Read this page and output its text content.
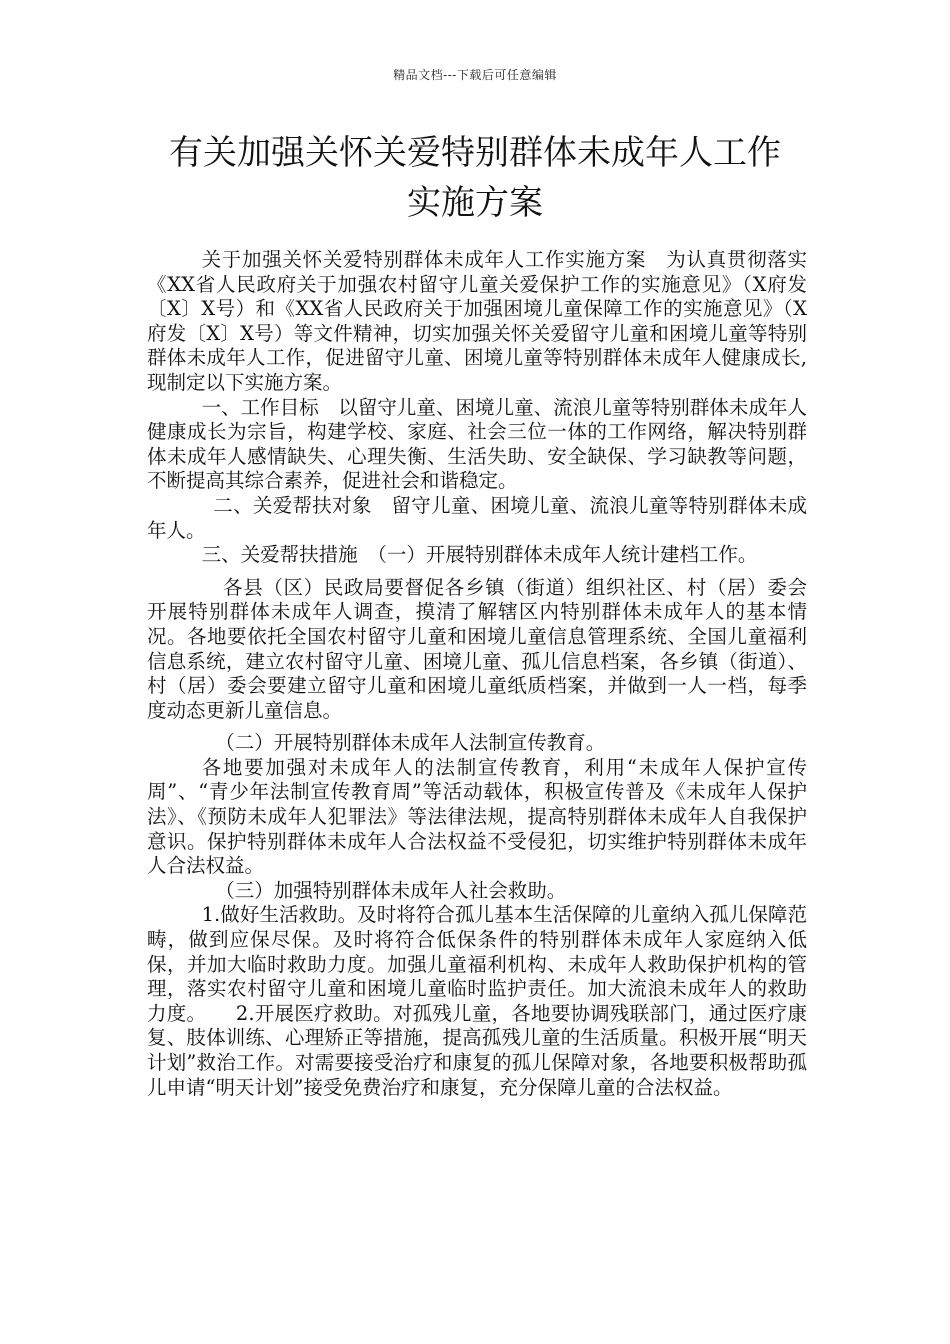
精品文档---下载后可任意编辑
有关加强关怀关爱特别群体未成年人工作
实施方案

关于加强关怀关爱特别群体未成年人工作实施方案　为认真贯彻落实《XX省人民政府关于加强农村留守儿童关爱保护工作的实施意见》（X府发〔X〕X号）和《XX省人民政府关于加强困境儿童保障工作的实施意见》（X府发〔X〕X号）等文件精神，切实加强关怀关爱留守儿童和困境儿童等特别群体未成年人工作，促进留守儿童、困境儿童等特别群体未成年人健康成长,现制定以下实施方案。

一、工作目标　以留守儿童、困境儿童、流浪儿童等特别群体未成年人健康成长为宗旨，构建学校、家庭、社会三位一体的工作网络，解决特别群体未成年人感情缺失、心理失衡、生活失助、安全缺保、学习缺教等问题，不断提高其综合素养，促进社会和谐稳定。

二、关爱帮扶对象　留守儿童、困境儿童、流浪儿童等特别群体未成年人。

三、关爱帮扶措施　（一）开展特别群体未成年人统计建档工作。

各县（区）民政局要督促各乡镇（街道）组织社区、村（居）委会开展特别群体未成年人调查，摸清了解辖区内特别群体未成年人的基本情况。各地要依托全国农村留守儿童和困境儿童信息管理系统、全国儿童福利信息系统，建立农村留守儿童、困境儿童、孤儿信息档案，各乡镇（街道）、村（居）委会要建立留守儿童和困境儿童纸质档案，并做到一人一档，每季度动态更新儿童信息。

（二）开展特别群体未成年人法制宣传教育。

各地要加强对未成年人的法制宣传教育，利用“未成年人保护宣传周”、“青少年法制宣传教育周”等活动载体，积极宣传普及《未成年人保护法》、《预防未成年人犯罪法》等法律法规，提高特别群体未成年人自我保护意识。保护特别群体未成年人合法权益不受侵犯，切实维护特别群体未成年人合法权益。

（三）加强特别群体未成年人社会救助。

1.做好生活救助。及时将符合孤儿基本生活保障的儿童纳入孤儿保障范畴，做到应保尽保。及时将符合低保条件的特别群体未成年人家庭纳入低保，并加大临时救助力度。加强儿童福利机构、未成年人救助保护机构的管理，落实农村留守儿童和困境儿童临时监护责任。加大流浪未成年人的救助力度。　　2.开展医疗救助。对孤残儿童，各地要协调残联部门，通过医疗康复、肢体训练、心理矫正等措施，提高孤残儿童的生活质量。积极开展“明天计划”救治工作。对需要接受治疗和康复的孤儿保障对象，各地要积极帮助孤儿申请“明天计划”接受免费治疗和康复，充分保障儿童的合法权益。
